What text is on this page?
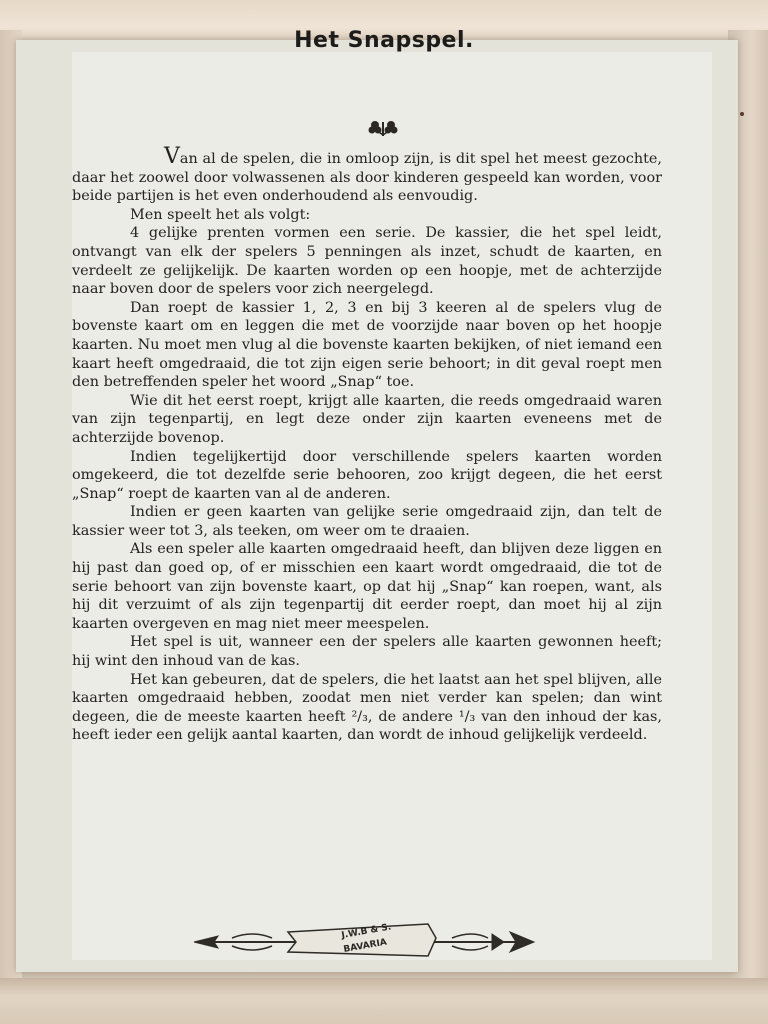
Het Snapspel.

Van al de spelen, die in omloop zijn, is dit spel het meest gezochte, daar het zoowel door volwassenen als door kinderen gespeeld kan worden, voor beide partijen is het even onderhoudend als eenvoudig.

Men speelt het als volgt:

4 gelijke prenten vormen een serie. De kassier, die het spel leidt, ontvangt van elk der spelers 5 penningen als inzet, schudt de kaarten, en verdeelt ze gelijkelijk. De kaarten worden op een hoopje, met de achterzijde naar boven door de spelers voor zich neergelegd.

Dan roept de kassier 1, 2, 3 en bij 3 keeren al de spelers vlug de bovenste kaart om en leggen die met de voorzijde naar boven op het hoopje kaarten. Nu moet men vlug al die bovenste kaarten bekijken, of niet iemand een kaart heeft omgedraaid, die tot zijn eigen serie behoort; in dit geval roept men den betreffenden speler het woord „Snap“ toe.

Wie dit het eerst roept, krijgt alle kaarten, die reeds omgedraaid waren van zijn tegenpartij, en legt deze onder zijn kaarten eveneens met de achterzijde bovenop.

Indien tegelijkertijd door verschillende spelers kaarten worden omgekeerd, die tot dezelfde serie behooren, zoo krijgt degeen, die het eerst „Snap“ roept de kaarten van al de anderen.

Indien er geen kaarten van gelijke serie omgedraaid zijn, dan telt de kassier weer tot 3, als teeken, om weer om te draaien.

Als een speler alle kaarten omgedraaid heeft, dan blijven deze liggen en hij past dan goed op, of er misschien een kaart wordt omgedraaid, die tot de serie behoort van zijn bovenste kaart, op dat hij „Snap“ kan roepen, want, als hij dit verzuimt of als zijn tegenpartij dit eerder roept, dan moet hij al zijn kaarten overgeven en mag niet meer meespelen.

Het spel is uit, wanneer een der spelers alle kaarten gewonnen heeft; hij wint den inhoud van de kas.

Het kan gebeuren, dat de spelers, die het laatst aan het spel blijven, alle kaarten omgedraaid hebben, zoodat men niet verder kan spelen; dan wint degeen, die de meeste kaarten heeft ²/₃, de andere ¹/₃ van den inhoud der kas, heeft ieder een gelijk aantal kaarten, dan wordt de inhoud gelijkelijk verdeeld.

J.W.B & S.
BAVARIA
